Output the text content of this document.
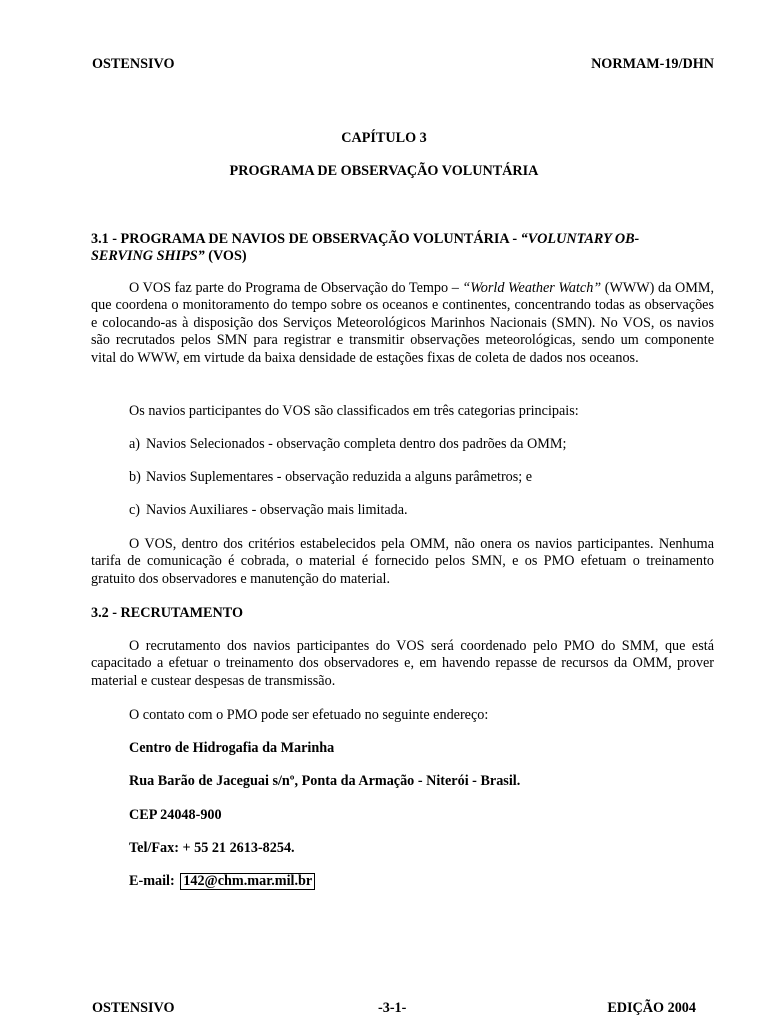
OSTENSIVO	NORMAM-19/DHN
CAPÍTULO 3
PROGRAMA DE OBSERVAÇÃO VOLUNTÁRIA
3.1 - PROGRAMA DE NAVIOS DE OBSERVAÇÃO VOLUNTÁRIA - “VOLUNTARY OB-
SERVING SHIPS” (VOS)

O VOS faz parte do Programa de Observação do Tempo – “World Weather Watch” (WWW) da OMM, que coordena o monitoramento do tempo sobre os oceanos e continentes, concentrando todas as observações e colocando-as à disposição dos Serviços Meteorológicos Marinhos Nacionais (SMN). No VOS, os navios são recrutados pelos SMN para registrar e transmitir observações meteorológicas, sendo um componente vital do WWW, em virtude da baixa densidade de estações fixas de coleta de dados nos oceanos.

Os navios participantes do VOS são classificados em três categorias principais:

a) Navios Selecionados - observação completa dentro dos padrões da OMM;
b) Navios Suplementares - observação reduzida a alguns parâmetros; e
c) Navios Auxiliares - observação mais limitada.

O VOS, dentro dos critérios estabelecidos pela OMM, não onera os navios participantes. Nenhuma tarifa de comunicação é cobrada, o material é fornecido pelos SMN, e os PMO efetuam o treinamento gratuito dos observadores e manutenção do material.

3.2 - RECRUTAMENTO

O recrutamento dos navios participantes do VOS será coordenado pelo PMO do SMM, que está capacitado a efetuar o treinamento dos observadores e, em havendo repasse de recursos da OMM, prover material e custear despesas de transmissão.

O contato com o PMO pode ser efetuado no seguinte endereço:

Centro de Hidrogafia da Marinha
Rua Barão de Jaceguai s/nº, Ponta da Armação - Niterói - Brasil.
CEP 24048-900
Tel/Fax: + 55 21 2613-8254.
E-mail: 142@chm.mar.mil.br
OSTENSIVO	-3-1-	EDIÇÃO 2004
